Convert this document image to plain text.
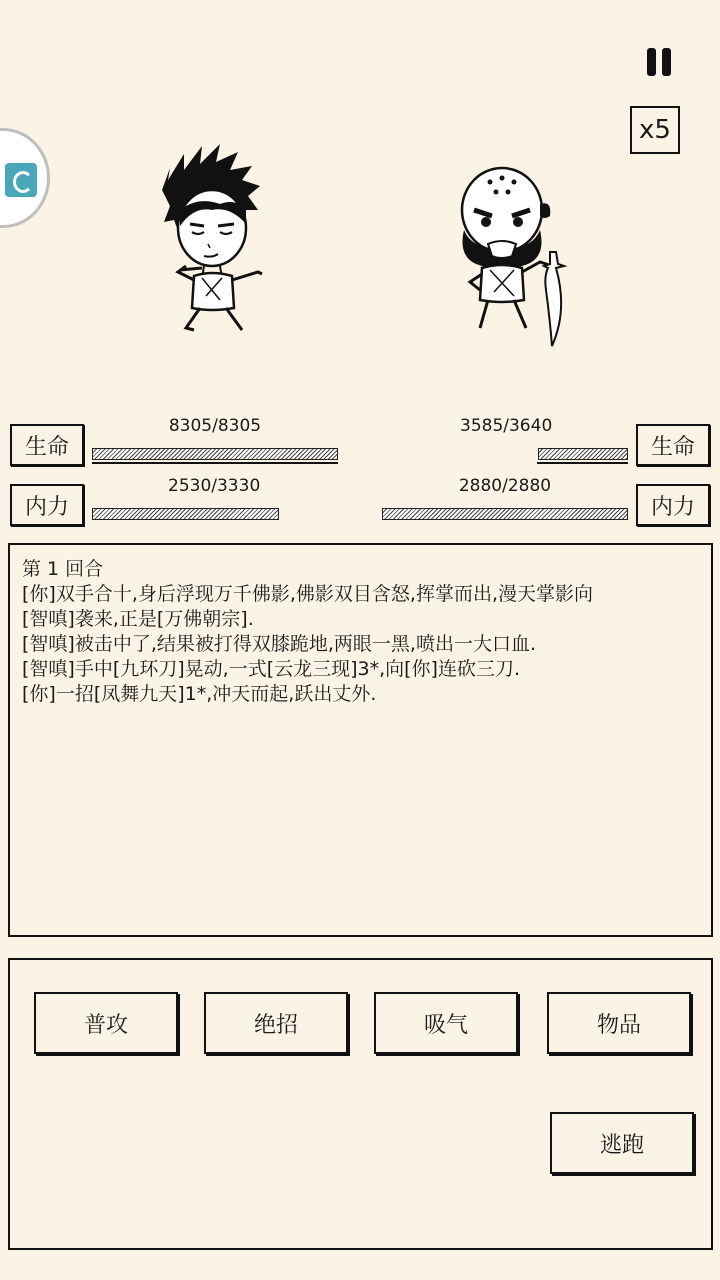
x5
生命
8305/8305	3585/3640
生命
内力
2530/3330	2880/2880
内力

第 1 回合

[你]双手合十,身后浮现万千佛影,佛影双目含怒,挥掌而出,漫天掌影向

[智嗔]袭来,正是[万佛朝宗].

[智嗔]被击中了,结果被打得双膝跪地,两眼一黑,喷出一大口血.

[智嗔]手中[九环刀]晃动,一式[云龙三现]3*,向[你]连砍三刀.

[你]一招[凤舞九天]1*,冲天而起,跃出丈外.

普攻	绝招	吸气	物品
逃跑
